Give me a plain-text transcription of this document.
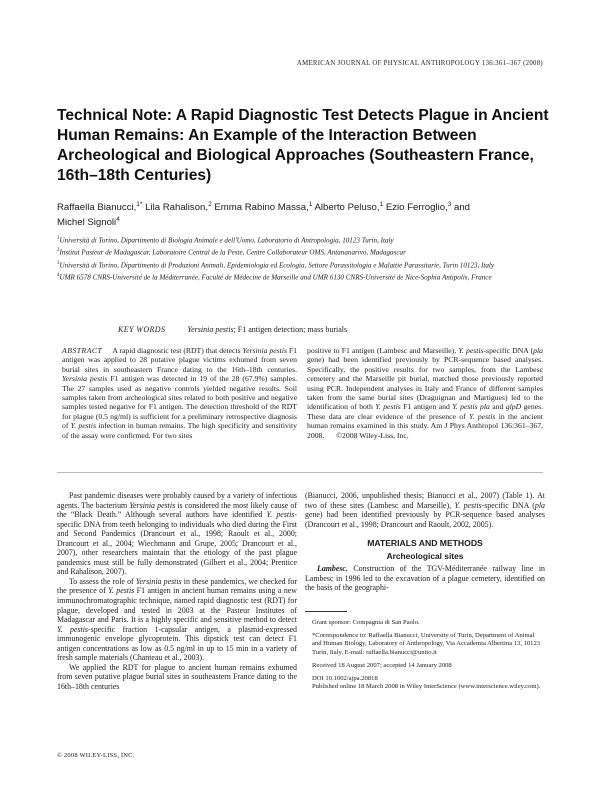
AMERICAN JOURNAL OF PHYSICAL ANTHROPOLOGY 136:361–367 (2008)
Technical Note: A Rapid Diagnostic Test Detects Plague in Ancient Human Remains: An Example of the Interaction Between Archeological and Biological Approaches (Southeastern France, 16th–18th Centuries)
Raffaella Bianucci,$^{1*}$ Lila Rahalison,$^2$ Emma Rabino Massa,$^1$ Alberto Peluso,$^1$ Ezio Ferroglio,$^3$ and Michel Signoli$^4$
$^1$Università di Torino, Dipartimento di Biologia Animale e dell'Uomo, Laboratorio di Antropologia, 10123 Turin, Italy
$^2$Institut Pasteur de Madagascar, Laboratoire Central de la Peste, Centre Collaborateur OMS, Antananarivo, Madagascar
$^3$Università di Torino, Dipartimento di Produzioni Animali, Epidemiologia ed Ecologia, Settore Parassitologia e Malattie Parassitarie, Turin 10123, Italy
$^4$UMR 6578 CNRS-Université de la Méditerranée, Faculté de Médecine de Marseille and UMR 6130 CNRS-Université de Nice-Sophia Antipolis, France
KEY WORDS	Yersinia pestis; F1 antigen detection; mass burials
ABSTRACT A rapid diagnostic test (RDT) that detects Yersinia pestis F1 antigen was applied to 28 putative plague victims exhumed from seven burial sites in southeastern France dating to the 16th–18th centuries. Yersinia pestis F1 antigen was detected in 19 of the 28 (67.9%) samples. The 27 samples used as negative controls yielded negative results. Soil samples taken from archeological sites related to both positive and negative samples tested negative for F1 antigen. The detection threshold of the RDT for plague (0.5 ng/ml) is sufficient for a preliminary retrospective diagnosis of Y. pestis infection in human remains. The high specificity and sensitivity of the assay were confirmed. For two sites
positive to F1 antigen (Lambesc and Marseille), Y. pestis-specific DNA (pla gene) had been identified previously by PCR-sequence based analyses. Specifically, the positive results for two samples, from the Lambesc cemetery and the Marseille pit burial, matched those previously reported using PCR. Independent analyses in Italy and France of different samples taken from the same burial sites (Draguignan and Martigues) led to the identification of both Y. pestis F1 antigen and Y. pestis pla and glpD genes. These data are clear evidence of the presence of Y. pestis in the ancient human remains examined in this study. Am J Phys Anthropol 136:361–367, 2008. ©2008 Wiley-Liss, Inc.

Past pandemic diseases were probably caused by a variety of infectious agents. The bacterium Yersinia pestis is considered the most likely cause of the “Black Death.” Although several authors have identified Y. pestis-specific DNA from teeth belonging to individuals who died during the First and Second Pandemics (Drancourt et al., 1998; Raoult et al., 2000; Drancourt et al., 2004; Wiechmann and Grupe, 2005; Drancourt et al., 2007), other researchers maintain that the etiology of the past plague pandemics must still be fully demonstrated (Gilbert et al., 2004; Prentice and Rahalison, 2007).

To assess the role of Yersinia pestis in these pandemics, we checked for the presence of Y. pestis F1 antigen in ancient human remains using a new immunochromatographic technique, named rapid diagnostic test (RDT) for plague, developed and tested in 2003 at the Pasteur Institutes of Madagascar and Paris. It is a highly specific and sensitive method to detect Y. pestis-specific fraction 1-capsular antigen, a plasmid-expressed immunogenic envelope glycoprotein. This dipstick test can detect F1 antigen concentrations as low as 0.5 ng/ml in up to 15 min in a variety of fresh sample materials (Chanteau et al., 2003).

We applied the RDT for plague to ancient human remains exhumed from seven putative plague burial sites in southeastern France dating to the 16th–18th centuries

(Bianucci, 2006, unpublished thesis; Bianucci et al., 2007) (Table 1). At two of these sites (Lambesc and Marseille), Y. pestis-specific DNA (pla gene) had been identified previously by PCR-sequence based analyses (Drancourt et al., 1998; Drancourt and Raoult, 2002, 2005).

MATERIALS AND METHODS
Archeological sites

Lambesc. Construction of the TGV-Méditerranée railway line in Lambesc in 1996 led to the excavation of a plague cemetery, identified on the basis of the geographi-

Grant sponsor: Compagnia di San Paolo.
*Correspondence to: Raffaella Bianucci, University of Turin, Department of Animal and Human Biology, Laboratory of Anthropology, Via Accademia Albertina 13, 10123 Turin, Italy. E-mail: raffaella.bianucci@unito.it
Received 18 August 2007; accepted 14 January 2008
DOI 10.1002/ajpa.20818
Published online 18 March 2008 in Wiley InterScience (www.interscience.wiley.com).
© 2008 WILEY-LISS, INC.
